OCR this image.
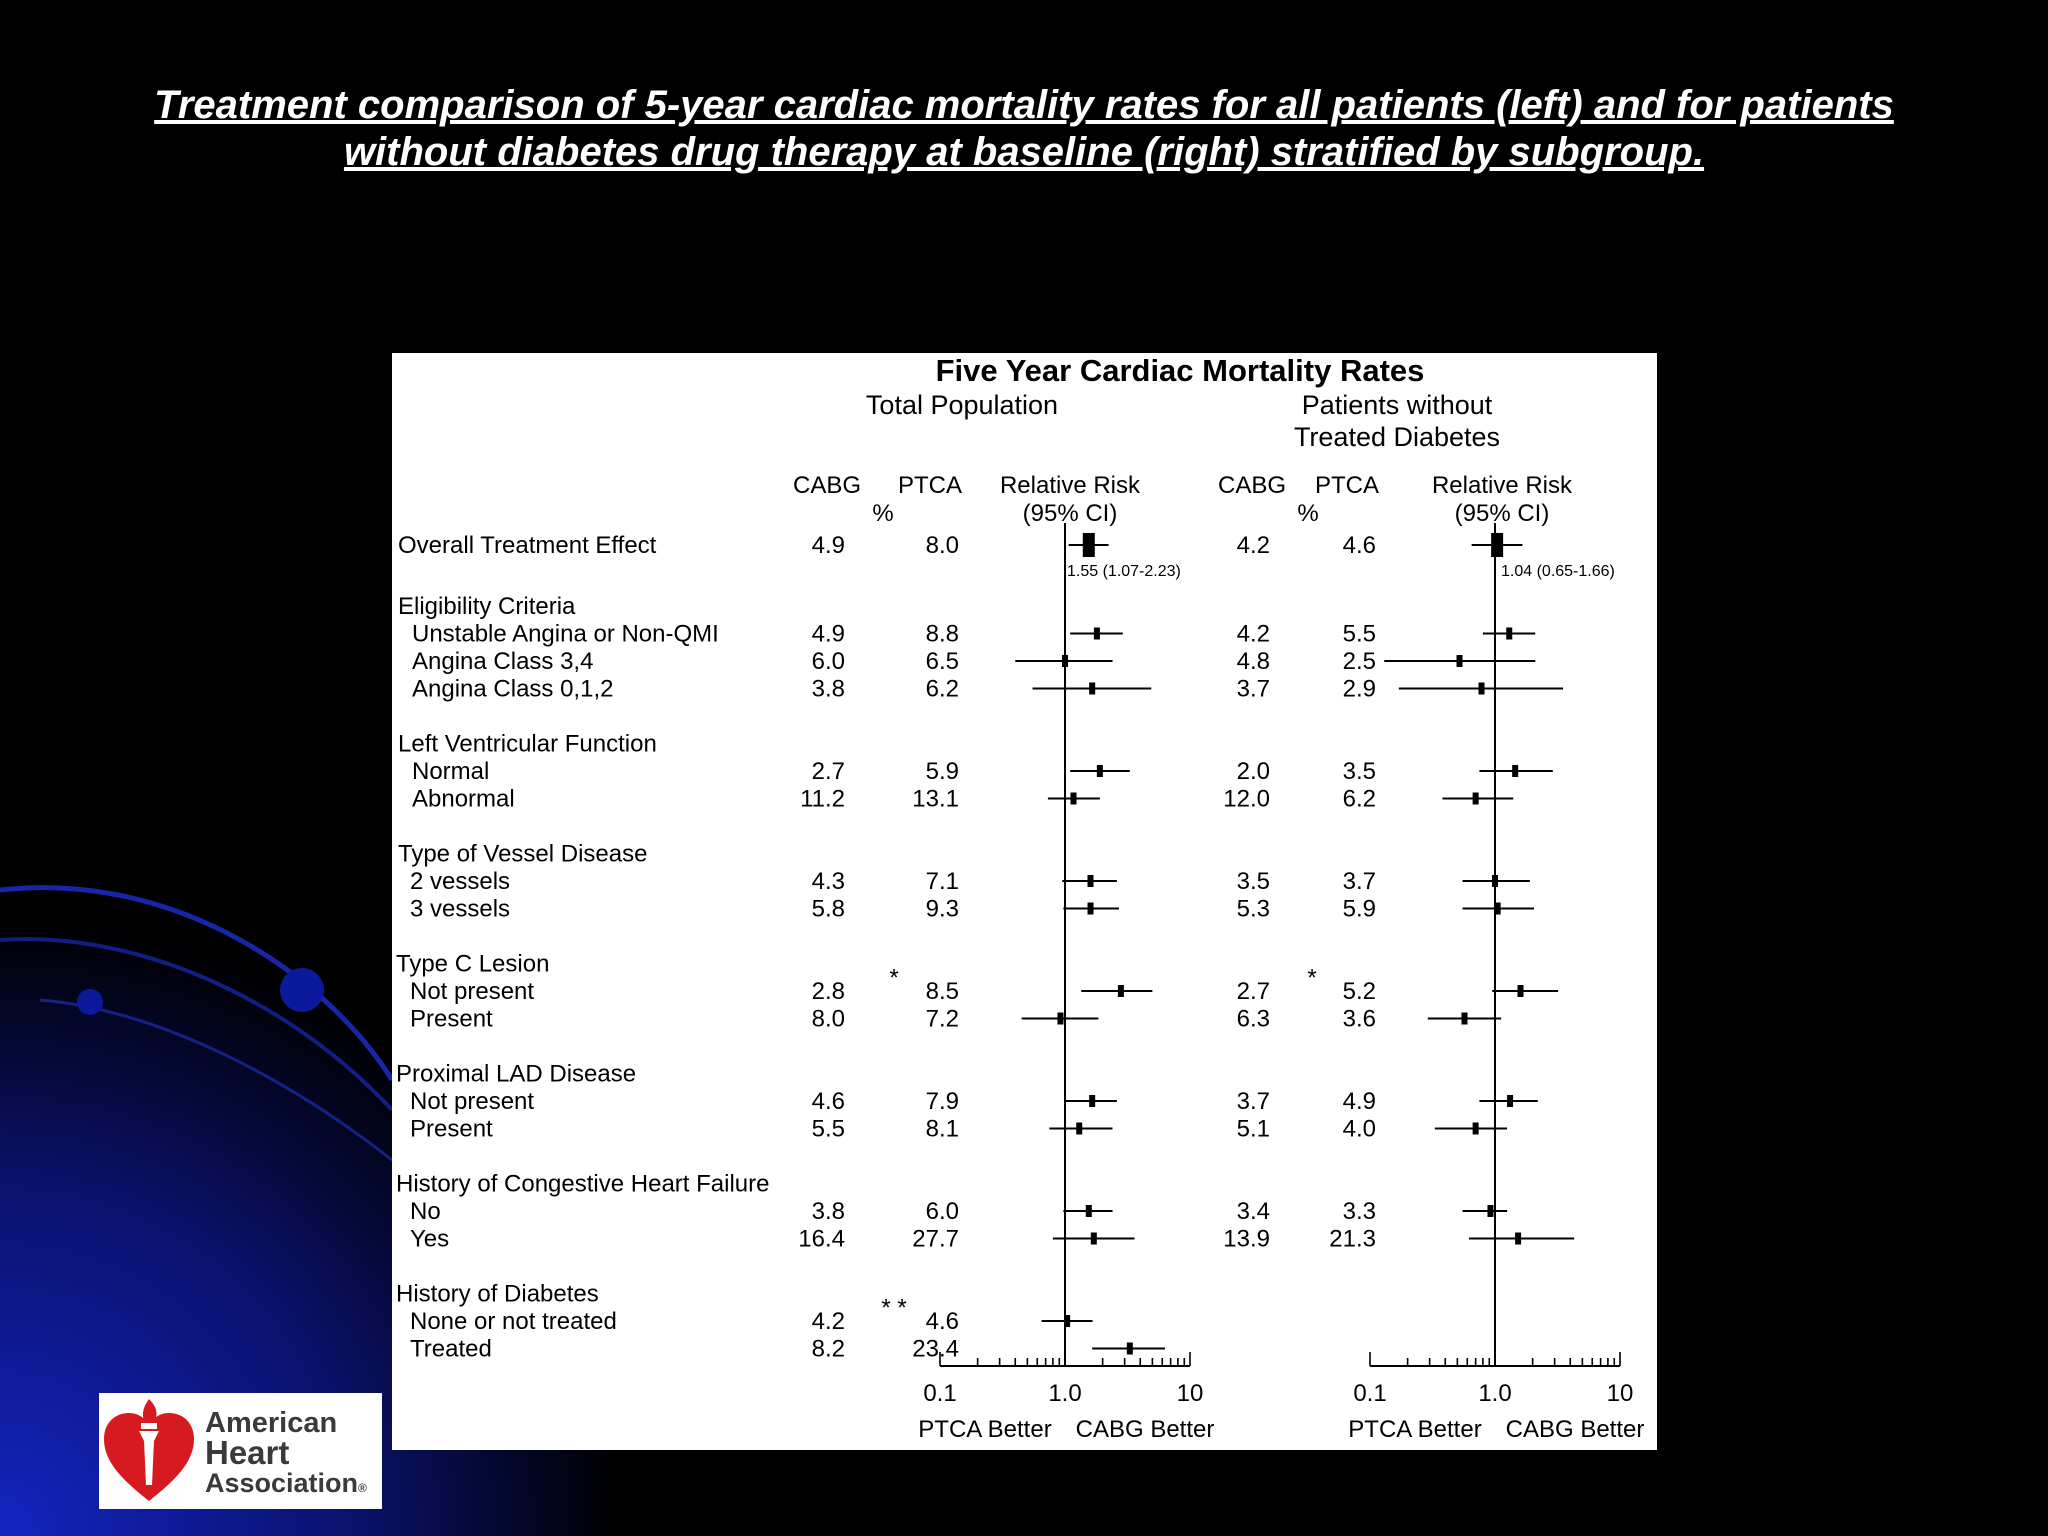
Treatment comparison of 5-year cardiac mortality rates for all patients (left) and for patients
without diabetes drug therapy at baseline (right) stratified by subgroup.
Five Year Cardiac Mortality Rates
Total Population
CABG
%
PTCA Relative Risk
(95% CI)
Patients without
Treated Diabetes
CABG
%
PTCA Relative Risk
(95% CI)
Overall Treatment Effect	4.9	8.0	4.2	4.6
Eligibility Criteria
Unstable Angina or Non-QMI	4.9	8.8	4.2	5.5
Angina Class 3,4	6.0	6.5	4.8	2.5
Angina Class 0,1,2	3.8	6.2	3.7	2.9
Left Ventricular Function
Normal	2.7	5.9	2.0	3.5
Abnormal	11.2	13.1	12.0	6.2
Type of Vessel Disease
2 vessels	4.3	7.1	3.5	3.7
3 vessels	5.8	9.3	5.3	5.9
Type C Lesion
*	*
Not present	2.8	8.5	2.7	5.2
Present	8.0	7.2	6.3	3.6
Proximal LAD Disease
Not present	4.6	7.9	3.7	4.9
Present	5.5	8.1	5.1	4.0
History of Congestive Heart Failure
No	3.8	6.0	3.4	3.3
Yes	16.4	27.7	13.9 21.3
History of Diabetes
* *
None or not treated	4.2	4.6
Treated	8.2	23.4
1.55 (1.07-2.23)	1.04 (0.65-1.66)
0.1	1.0	10
PTCA Better CABG Better
0.1	1.0	10
PTCA Better CABG Better
American
Heart
Association®
